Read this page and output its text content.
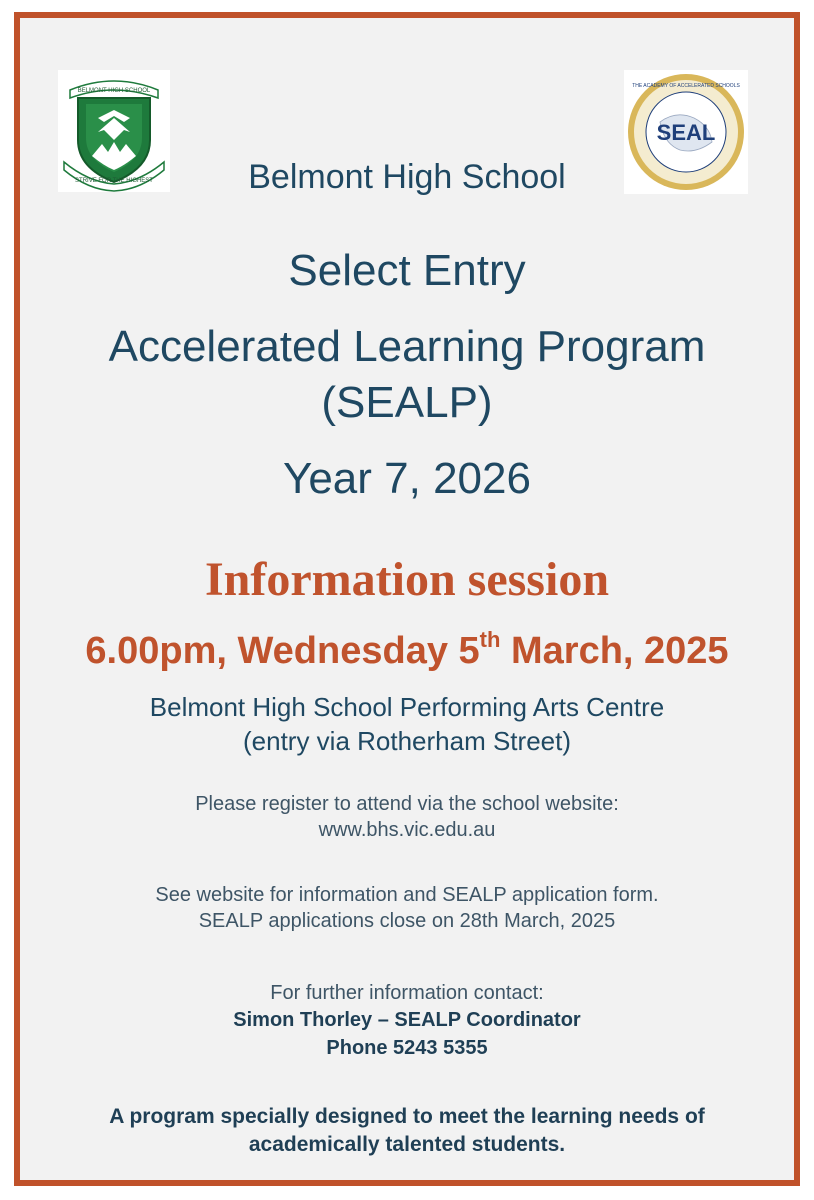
BELMONT HIGH SCHOOL
STRIVE FOR THE HIGHEST
SEAL
THE ACADEMY OF ACCELERATED SCHOOLS
Belmont High School
Select Entry
Accelerated Learning Program
(SEALP)
Year 7, 2026
Information session
6.00pm, Wednesday 5th March, 2025
Belmont High School Performing Arts Centre
(entry via Rotherham Street)
Please register to attend via the school website:
www.bhs.vic.edu.au
See website for information and SEALP application form.
SEALP applications close on 28th March, 2025
For further information contact:
Simon Thorley – SEALP Coordinator
Phone 5243 5355
A program specially designed to meet the learning needs of
academically talented students.
